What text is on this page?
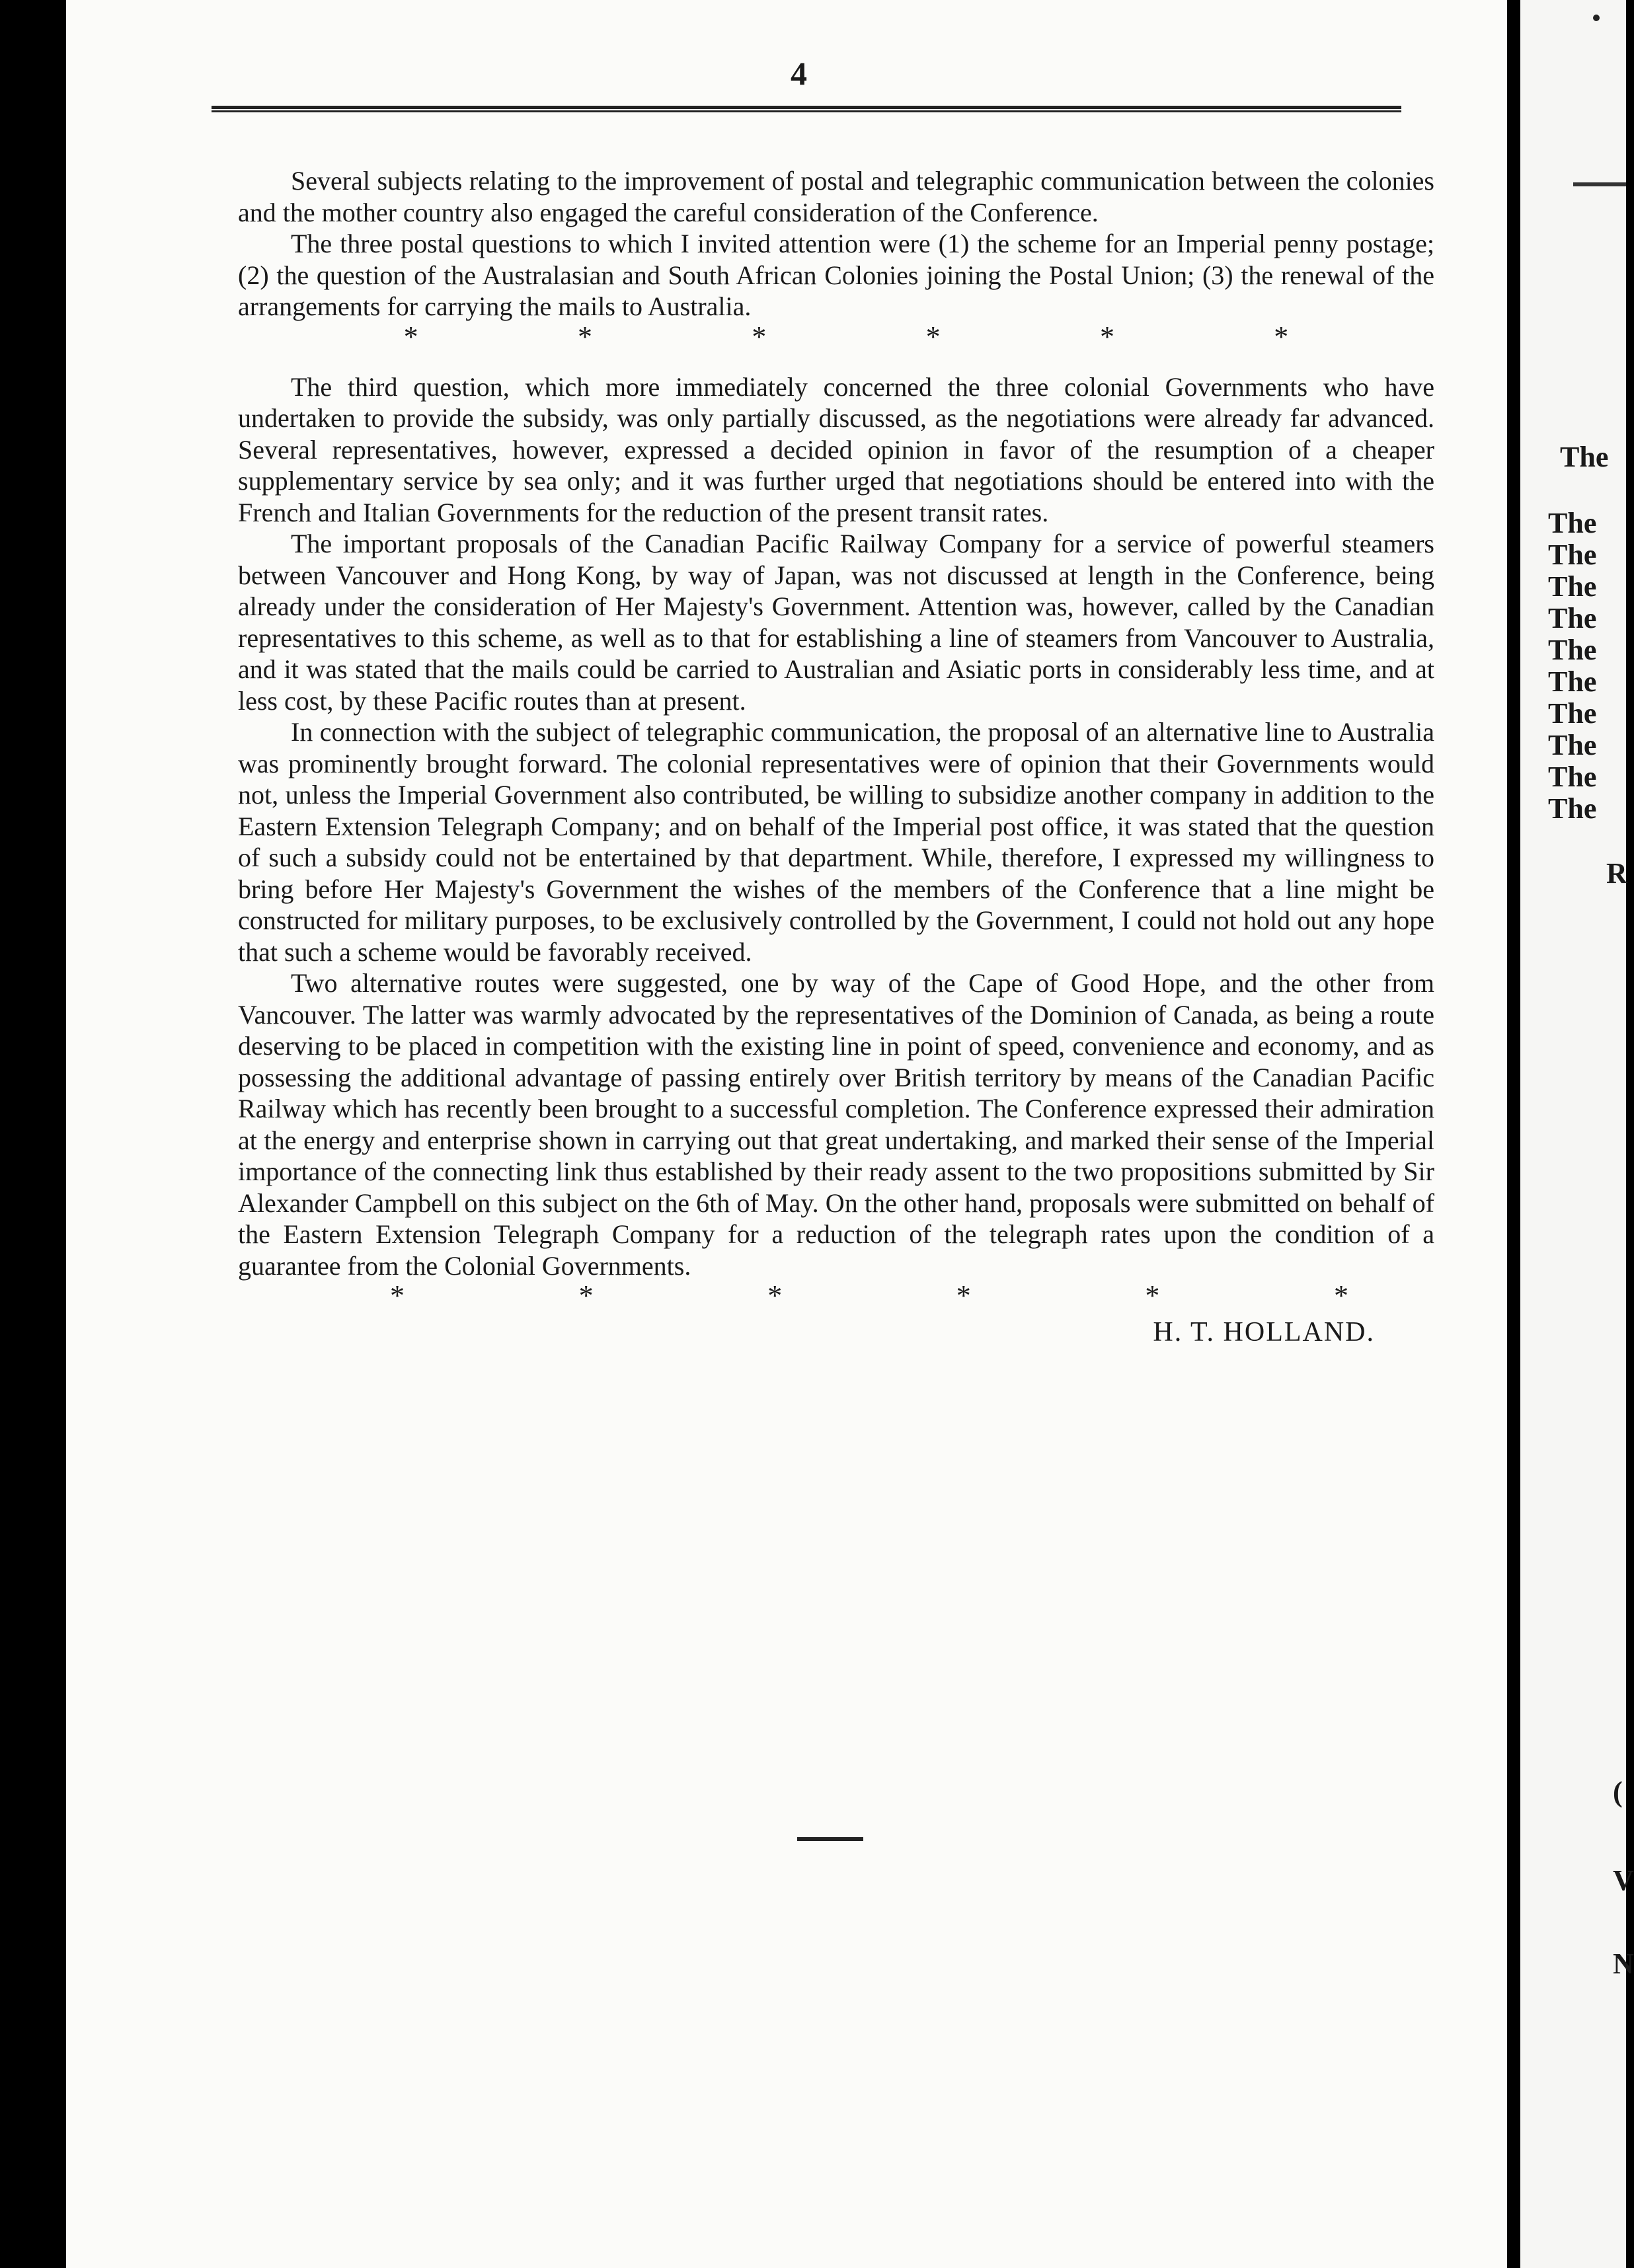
4

Several subjects relating to the improvement of postal and telegraphic communication between the colonies and the mother country also engaged the careful consideration of the Conference.

The three postal questions to which I invited attention were (1) the scheme for an Imperial penny postage; (2) the question of the Australasian and South African Colonies joining the Postal Union; (3) the renewal of the arrangements for carrying the mails to Australia.

*	*	*	*	*	*

The third question, which more immediately concerned the three colonial Governments who have undertaken to provide the subsidy, was only partially discussed, as the negotiations were already far advanced. Several representatives, however, expressed a decided opinion in favor of the resumption of a cheaper supplementary service by sea only; and it was further urged that negotiations should be entered into with the French and Italian Governments for the reduction of the present transit rates.

The important proposals of the Canadian Pacific Railway Company for a service of powerful steamers between Vancouver and Hong Kong, by way of Japan, was not discussed at length in the Conference, being already under the consideration of Her Majesty's Government. Attention was, however, called by the Canadian representatives to this scheme, as well as to that for establishing a line of steamers from Vancouver to Australia, and it was stated that the mails could be carried to Australian and Asiatic ports in considerably less time, and at less cost, by these Pacific routes than at present.

In connection with the subject of telegraphic communication, the proposal of an alternative line to Australia was prominently brought forward. The colonial representatives were of opinion that their Governments would not, unless the Imperial Government also contributed, be willing to subsidize another company in addition to the Eastern Extension Telegraph Company; and on behalf of the Imperial post office, it was stated that the question of such a subsidy could not be entertained by that department. While, therefore, I expressed my willingness to bring before Her Majesty's Government the wishes of the members of the Conference that a line might be constructed for military purposes, to be exclusively controlled by the Government, I could not hold out any hope that such a scheme would be favorably received.

Two alternative routes were suggested, one by way of the Cape of Good Hope, and the other from Vancouver. The latter was warmly advocated by the representatives of the Dominion of Canada, as being a route deserving to be placed in competition with the existing line in point of speed, convenience and economy, and as possessing the additional advantage of passing entirely over British territory by means of the Canadian Pacific Railway which has recently been brought to a successful completion. The Conference expressed their admiration at the energy and enterprise shown in carrying out that great undertaking, and marked their sense of the Imperial importance of the connecting link thus established by their ready assent to the two propositions submitted by Sir Alexander Campbell on this subject on the 6th of May. On the other hand, proposals were submitted on behalf of the Eastern Extension Telegraph Company for a reduction of the telegraph rates upon the condition of a guarantee from the Colonial Governments.

*	*	*	*	*	*
H. T. HOLLAND.
The
The
The
The
The
The
The
The
The
The
The
R
(
V
N
